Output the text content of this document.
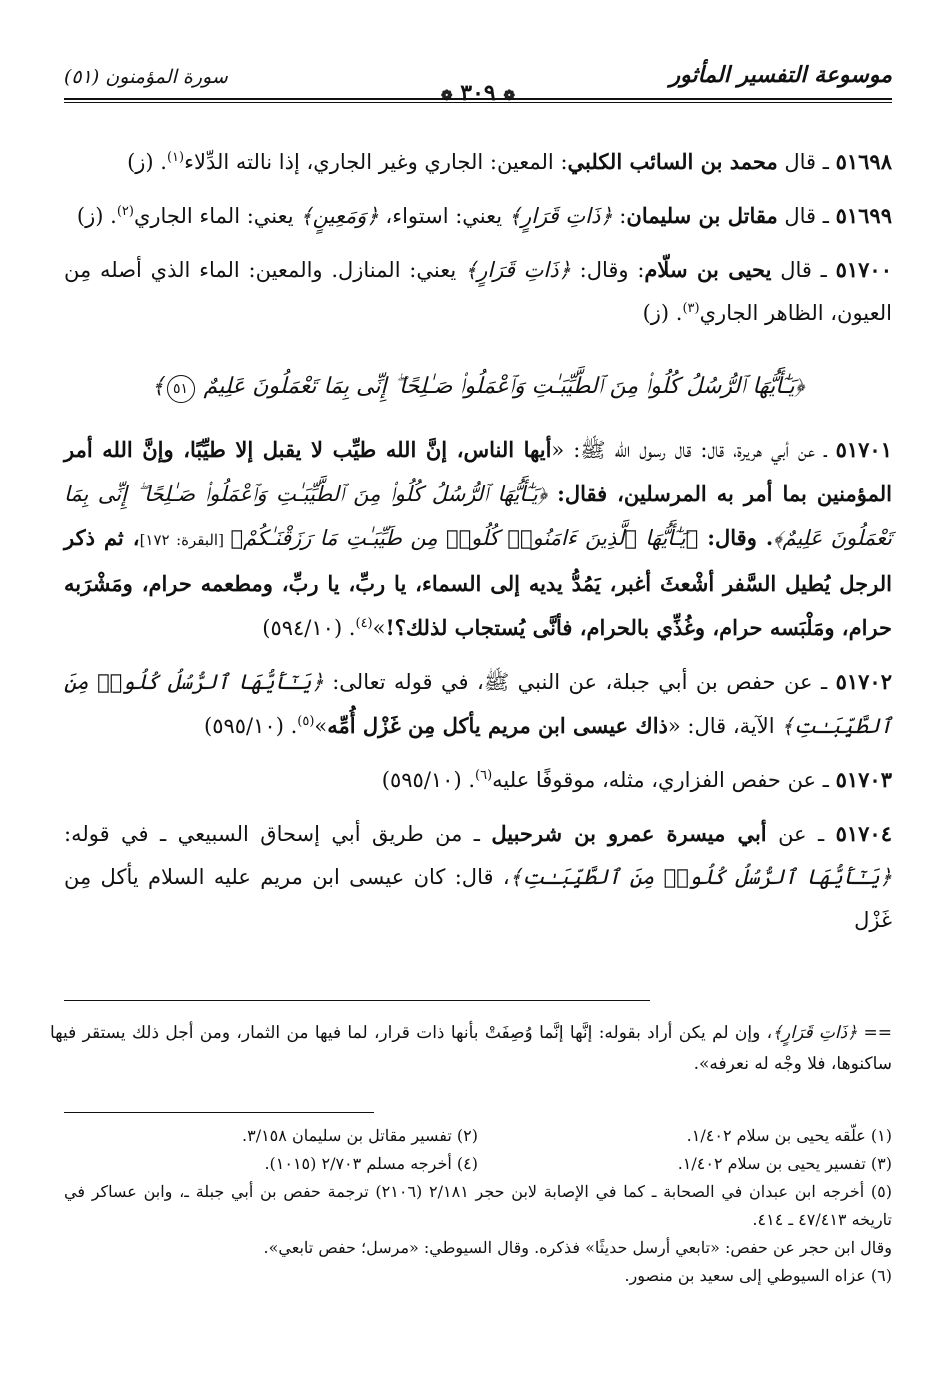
موسوعة التفسير المأثور
❁ ٣٠٩ ❁
سورة المؤمنون (٥١)

٥١٦٩٨ ـ قال محمد بن السائب الكلبي: المعين: الجاري وغير الجاري، إذا نالته الدِّلاء$^{(١)}$. (ز)

٥١٦٩٩ ـ قال مقاتل بن سليمان: ﴿ذَاتِ قَرَارٍ﴾ يعني: استواء، ﴿وَمَعِينٍ﴾ يعني: الماء الجاري$^{(٢)}$. (ز)

٥١٧٠٠ ـ قال يحيى بن سلّام: وقال: ﴿ذَاتِ قَرَارٍ﴾ يعني: المنازل. والمعين: الماء الذي أصله مِن العيون، الظاهر الجاري$^{(٣)}$. (ز)

﴿يَـٰٓأَيُّهَا ٱلرُّسُلُ كُلُوا۟ مِنَ ٱلطَّيِّبَـٰتِ وَٱعْمَلُوا۟ صَـٰلِحًا ۖ إِنِّى بِمَا تَعْمَلُونَ عَلِيمٌ ٥١﴾

٥١٧٠١ ـ عن أبي هريرة، قال: قال رسول الله ﷺ: «أيها الناس، إنَّ الله طيِّب لا يقبل إلا طيِّبًا، وإنَّ الله أمر المؤمنين بما أمر به المرسلين، فقال: ﴿يَـٰٓأَيُّهَا ٱلرُّسُلُ كُلُوا۟ مِنَ ٱلطَّيِّبَـٰتِ وَٱعْمَلُوا۟ صَـٰلِحًا ۖ إِنِّى بِمَا تَعْمَلُونَ عَلِيمٌ﴾. وقال: ﴿يَـٰٓأَيُّهَا ٱلَّذِينَ ءَامَنُوا۟ كُلُوا۟ مِن طَيِّبَـٰتِ مَا رَزَقْنَـٰكُمْ﴾ [البقرة: ١٧٢]، ثم ذكر الرجل يُطيل السَّفر أشْعثَ أغبر، يَمُدُّ يديه إلى السماء، يا ربِّ، يا ربِّ، ومطعمه حرام، ومَشْرَبه حرام، ومَلْبَسه حرام، وغُذِّي بالحرام، فأنَّى يُستجاب لذلك؟!»$^{(٤)}$. (٥٩٤/١٠)

٥١٧٠٢ ـ عن حفص بن أبي جبلة، عن النبي ﷺ، في قوله تعالى: ﴿يَـٰٓأَيُّهَا ٱلرُّسُلُ كُلُوا۟ مِنَ ٱلطَّيِّبَـٰتِ﴾ الآية، قال: «ذاك عيسى ابن مريم يأكل مِن غَزْل أُمِّه»$^{(٥)}$. (٥٩٥/١٠)

٥١٧٠٣ ـ عن حفص الفزاري، مثله، موقوفًا عليه$^{(٦)}$. (٥٩٥/١٠)

٥١٧٠٤ ـ عن أبي ميسرة عمرو بن شرحبيل ـ من طريق أبي إسحاق السبيعي ـ في قوله: ﴿يَـٰٓأَيُّهَا ٱلرُّسُلُ كُلُوا۟ مِنَ ٱلطَّيِّبَـٰتِ﴾، قال: كان عيسى ابن مريم عليه السلام يأكل مِن غَزْل

== ﴿ذَاتِ قَرَارٍ﴾، وإن لم يكن أراد بقوله: إنَّها إنَّما وُصِفَتْ بأنها ذات قرار، لما فيها من الثمار، ومن أجل ذلك يستقر فيها ساكنوها، فلا وجْه له نعرفه».
(١) علّقه يحيى بن سلام ١/٤٠٢.
(٢) تفسير مقاتل بن سليمان ٣/١٥٨.
(٣) تفسير يحيى بن سلام ١/٤٠٢.
(٤) أخرجه مسلم ٢/٧٠٣ (١٠١٥).
(٥) أخرجه ابن عبدان في الصحابة ـ كما في الإصابة لابن حجر ٢/١٨١ (٢١٠٦) ترجمة حفص بن أبي جبلة ـ، وابن عساكر في تاريخه ٤٧/٤١٣ ـ ٤١٤.
وقال ابن حجر عن حفص: «تابعي أرسل حديثًا» فذكره. وقال السيوطي: «مرسل؛ حفص تابعي».
(٦) عزاه السيوطي إلى سعيد بن منصور.
